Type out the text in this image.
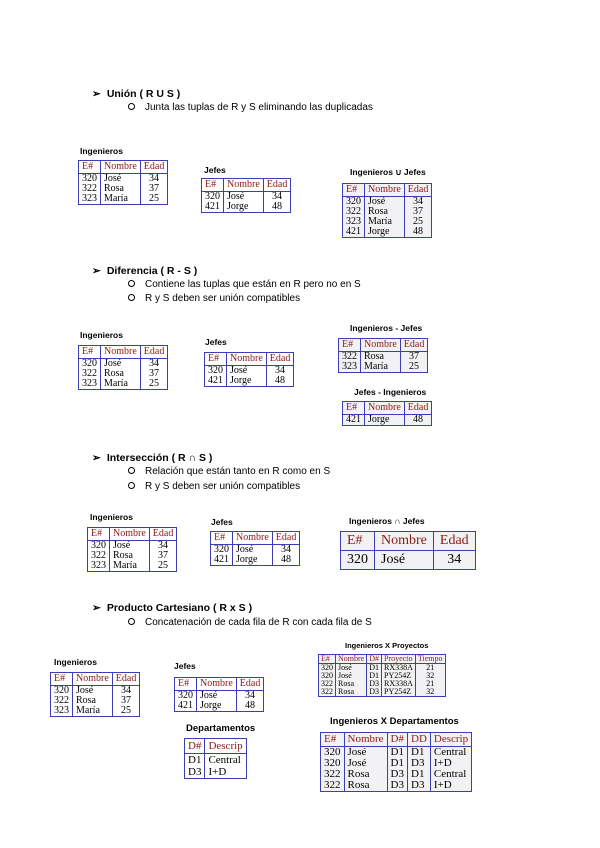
➢ Unión ( R U S )
Junta las tuplas de R y S eliminando las duplicadas
Ingenieros
E#	Nombre	Edad
320	José	34
322	Rosa	37
323	María	25
Jefes
E#	Nombre	Edad
320	José	34
421	Jorge	48
Ingenieros ∪ Jefes
E#	Nombre	Edad
320	José	34
322	Rosa	37
323	María	25
421	Jorge	48
➢ Diferencia ( R - S )
Contiene las tuplas que están en R pero no en S
R y S deben ser unión compatibles
Ingenieros
E#	Nombre	Edad
320	José	34
322	Rosa	37
323	María	25
Jefes
E#	Nombre	Edad
320	José	34
421	Jorge	48
Ingenieros - Jefes
E#	Nombre	Edad
322	Rosa	37
323	María	25
Jefes - Ingenieros
E#	Nombre	Edad
421	Jorge	48
➢ Intersección ( R ∩ S )
Relación que están tanto en R como en S
R y S deben ser unión compatibles
Ingenieros
E#	Nombre	Edad
320	José	34
322	Rosa	37
323	María	25
Jefes
E#	Nombre	Edad
320	José	34
421	Jorge	48
Ingenieros ∩ Jefes
E#	Nombre	Edad
320	José	34
➢ Producto Cartesiano ( R x S )
Concatenación de cada fila de R con cada fila de S
Ingenieros
E#	Nombre	Edad
320	José	34
322	Rosa	37
323	María	25
Jefes
E#	Nombre	Edad
320	José	34
421	Jorge	48
Departamentos
D#	Descrip
D1	Central
D3	I+D
Ingenieros X Proyectos
E#	Nombre	D#	Proyecto	Tiempo
320	José	D1	RX338A	21
320	José	D1	PY254Z	32
322	Rosa	D3	RX338A	21
322	Rosa	D3	PY254Z	32
Ingenieros X Departamentos
E#	Nombre	D#	DD	Descrip
320	José	D1	D1	Central
320	José	D1	D3	I+D
322	Rosa	D3	D1	Central
322	Rosa	D3	D3	I+D
